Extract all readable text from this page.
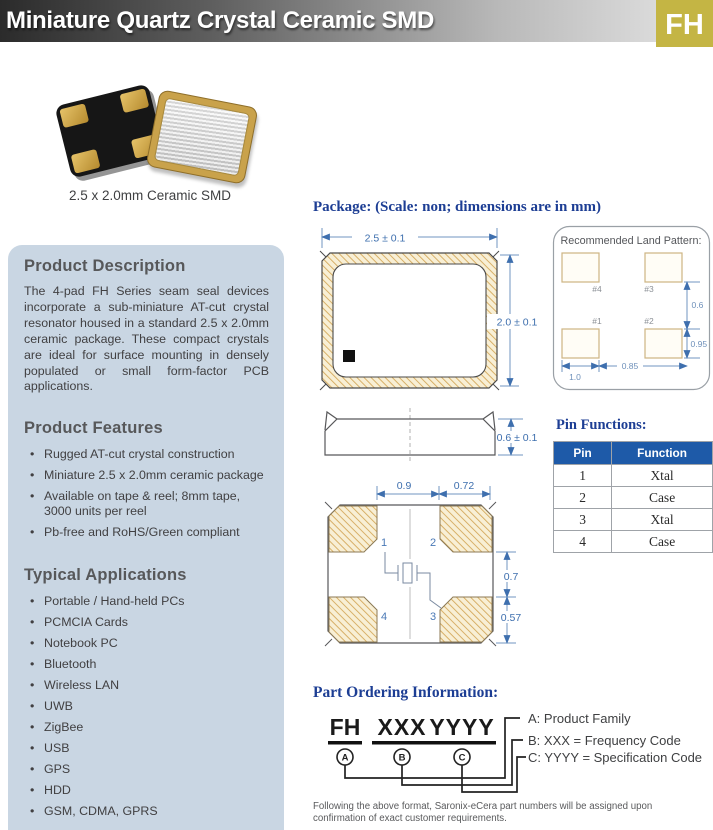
Miniature Quartz Crystal Ceramic SMD	FH
2.5 x 2.0mm Ceramic SMD
Product Description

The 4-pad FH Series seam seal devices incorporate a sub-miniature AT-cut crystal resonator housed in a standard 2.5 x 2.0mm ceramic package. These compact crystals are ideal for surface mounting in densely populated or small form-factor PCB applications.

Product Features
• Rugged AT-cut crystal construction
• Miniature 2.5 x 2.0mm ceramic package
• Available on tape & reel; 8mm tape, 3000 units per reel
• Pb-free and RoHS/Green compliant
Typical Applications
• Portable / Hand-held PCs
• PCMCIA Cards
• Notebook PC
• Bluetooth
• Wireless LAN
• UWB
• ZigBee
• USB
• GPS
• HDD
• GSM, CDMA, GPRS
Package: (Scale: non; dimensions are in mm)
2.5 ± 0.1
2.0 ± 0.1
Recommended Land Pattern:
#4	#3
#1	#2
0.6
0.95
1.0
0.85
0.6 ± 0.1
Pin Functions:
Pin	Function
1	Xtal
2	Case
3	Xtal
4	Case
0.9	0.72
1	2
4	3
0.7
0.57
Part Ordering Information:
FH XXX YYYY
A	B	C
A: Product Family
B: XXX = Frequency Code
C: YYYY = Specification Code
Following the above format, Saronix-eCera part numbers will be assigned upon
confirmation of exact customer requirements.
